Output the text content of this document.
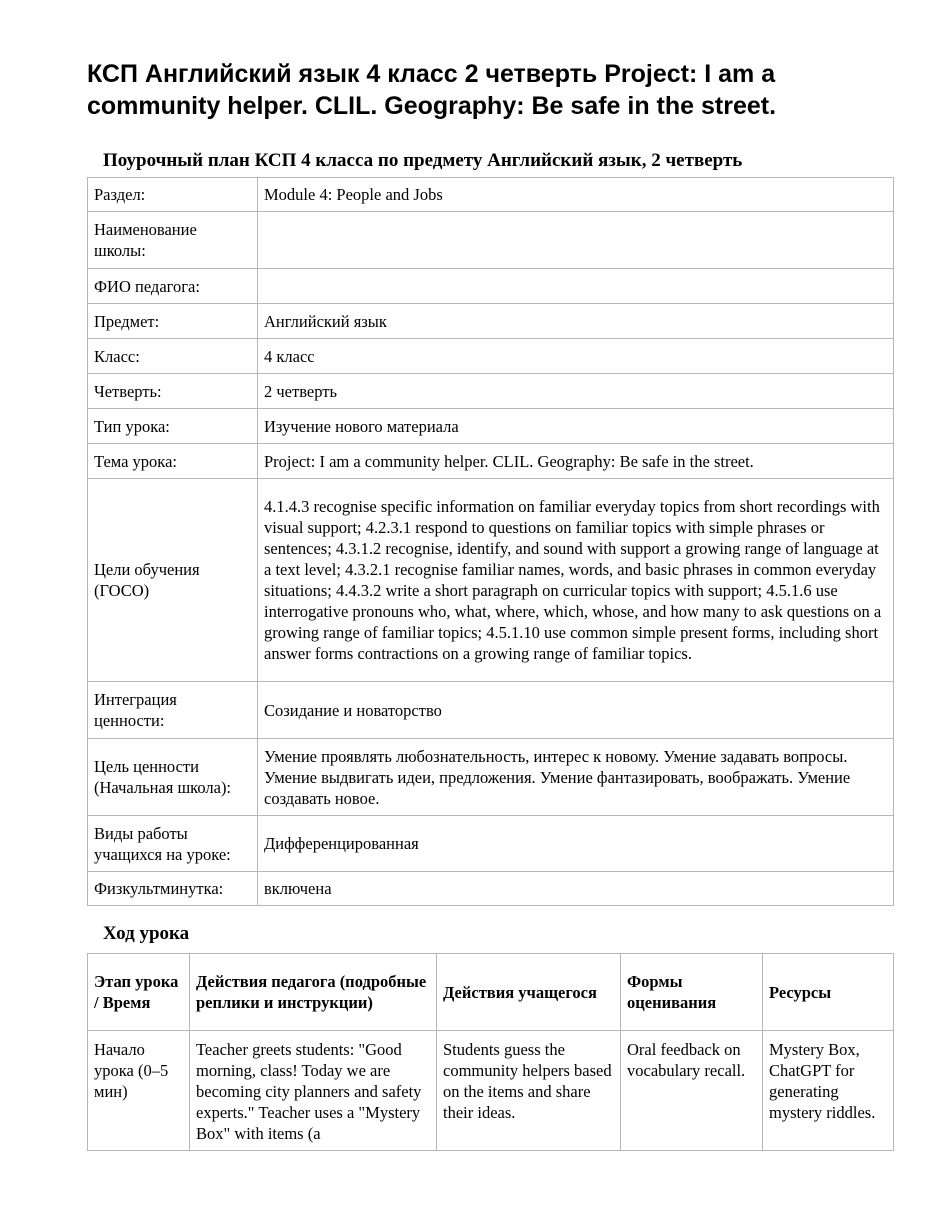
КСП Английский язык 4 класс 2 четверть Project: I am a community helper. CLIL. Geography: Be safe in the street.
Поурочный план КСП 4 класса по предмету Английский язык, 2 четверть
Раздел:	Module 4: People and Jobs
Наименование школы:	
ФИО педагога:	
Предмет:	Английский язык
Класс:	4 класс
Четверть:	2 четверть
Тип урока:	Изучение нового материала
Тема урока:	Project: I am a community helper. CLIL. Geography: Be safe in the street.
Цели обучения (ГОСО)	4.1.4.3 recognise specific information on familiar everyday topics from short recordings with visual support; 4.2.3.1 respond to questions on familiar topics with simple phrases or sentences; 4.3.1.2 recognise, identify, and sound with support a growing range of language at a text level; 4.3.2.1 recognise familiar names, words, and basic phrases in common everyday situations; 4.4.3.2 write a short paragraph on curricular topics with support; 4.5.1.6 use interrogative pronouns who, what, where, which, whose, and how many to ask questions on a growing range of familiar topics; 4.5.1.10 use common simple present forms, including short answer forms contractions on a growing range of familiar topics.
Интеграция ценности:	Созидание и новаторство
Цель ценности (Начальная школа):	Умение проявлять любознательность, интерес к новому. Умение задавать вопросы. Умение выдвигать идеи, предложения. Умение фантазировать, воображать. Умение создавать новое.
Виды работы учащихся на уроке:	Дифференцированная
Физкультминутка:	включена
Ход урока
Этап урока / Время	Действия педагога (подробные реплики и инструкции)	Действия учащегося	Формы оценивания	Ресурсы
Начало урока (0–5 мин)	Teacher greets students: "Good morning, class! Today we are becoming city planners and safety experts." Teacher uses a "Mystery Box" with items (a	Students guess the community helpers based on the items and share their ideas.	Oral feedback on vocabulary recall.	Mystery Box, ChatGPT for generating mystery riddles.
